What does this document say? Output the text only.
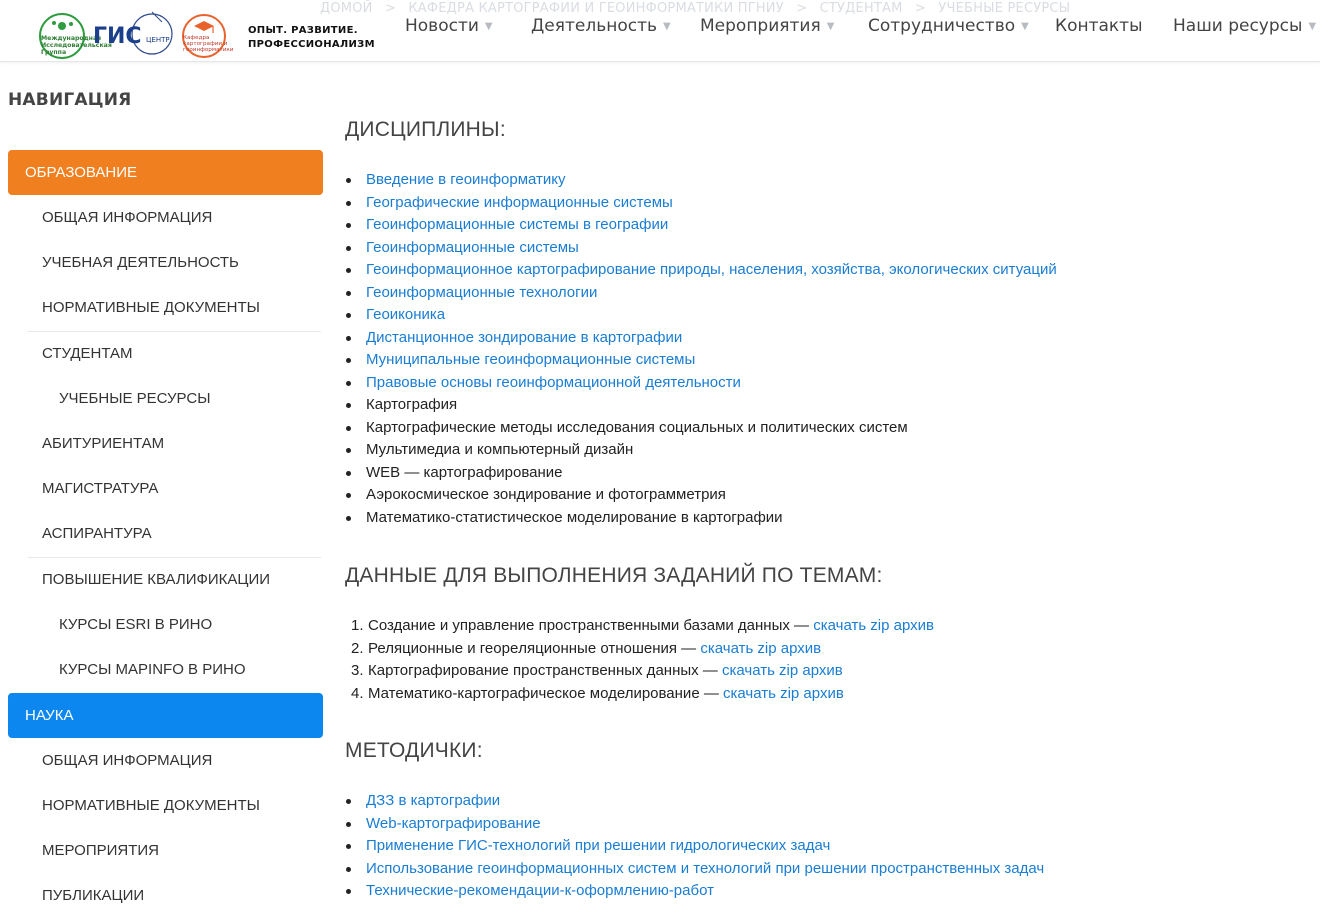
ДОМОЙ > КАФЕДРА КАРТОГРАФИИ И ГЕОИНФОРМАТИКИ ПГНИУ > СТУДЕНТАМ > УЧЕБНЫЕ РЕСУРСЫ
Международная
Исследовательская
Группа
ГИС ЦЕНТР Кафедра
картографии и
геоинформатики
ОПЫТ. РАЗВИТИЕ.
ПРОФЕССИОНАЛИЗМ
Новости ▼ Деятельность ▼ Мероприятия ▼ Сотрудничество ▼ Контакты Наши ресурсы ▼
НАВИГАЦИЯ
ОБРАЗОВАНИЕ
ОБЩАЯ ИНФОРМАЦИЯ
УЧЕБНАЯ ДЕЯТЕЛЬНОСТЬ
НОРМАТИВНЫЕ ДОКУМЕНТЫ
СТУДЕНТАМ
УЧЕБНЫЕ РЕСУРСЫ
АБИТУРИЕНТАМ
МАГИСТРАТУРА
АСПИРАНТУРА
ПОВЫШЕНИЕ КВАЛИФИКАЦИИ
КУРСЫ ESRI В РИНО
КУРСЫ MAPINFO В РИНО
НАУКА
ОБЩАЯ ИНФОРМАЦИЯ
НОРМАТИВНЫЕ ДОКУМЕНТЫ
МЕРОПРИЯТИЯ
ПУБЛИКАЦИИ
ДИСЦИПЛИНЫ:
Введение в геоинформатику
Географические информационные системы
Геоинформационные системы в географии
Геоинформационные системы
Геоинформационное картографирование природы, населения, хозяйства, экологических ситуаций
Геоинформационные технологии
Геоиконика
Дистанционное зондирование в картографии
Муниципальные геоинформационные системы
Правовые основы геоинформационной деятельности
Картография
Картографические методы исследования социальных и политических систем
Мультимедиа и компьютерный дизайн
WEB — картографирование
Аэрокосмическое зондирование и фотограмметрия
Математико-статистическое моделирование в картографии
ДАННЫЕ ДЛЯ ВЫПОЛНЕНИЯ ЗАДАНИЙ ПО ТЕМАМ:
1. Создание и управление пространственными базами данных — скачать zip архив
2. Реляционные и георeляционные отношения — скачать zip архив
3. Картографирование пространственных данных — скачать zip архив
4. Математико-картографическое моделирование — скачать zip архив
МЕТОДИЧКИ:
ДЗЗ в картографии
Web-картографирование
Применение ГИС-технологий при решении гидрологических задач
Использование геоинформационных систем и технологий при решении пространственных задач
Технические-рекомендации-к-оформлению-работ
